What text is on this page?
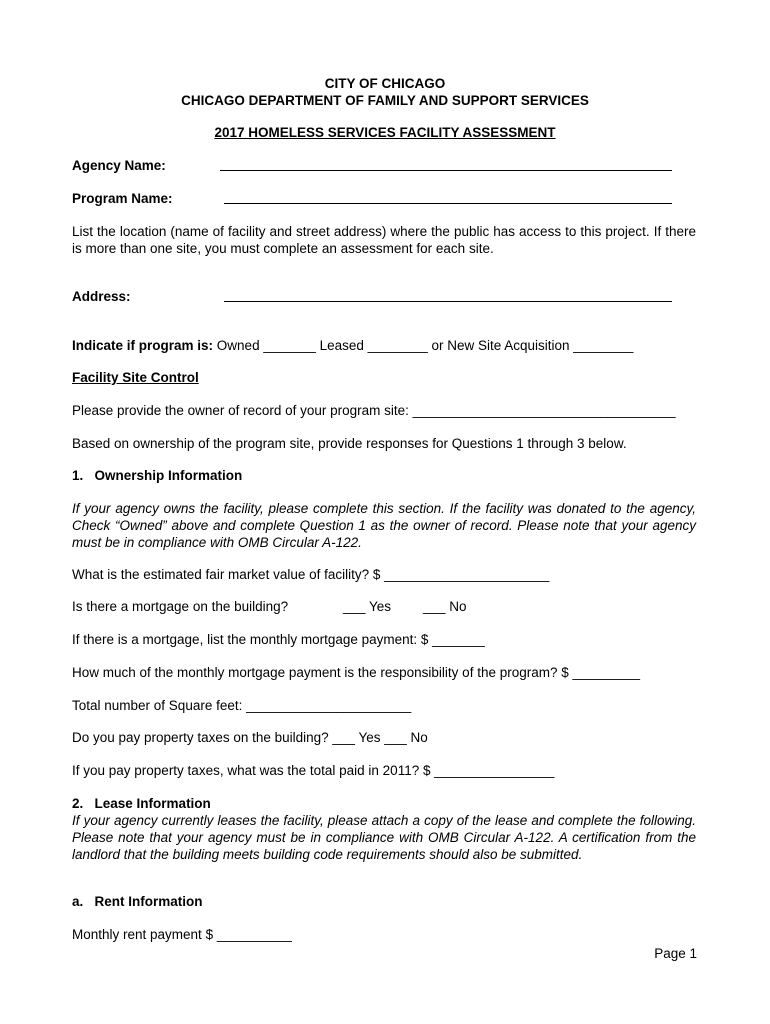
CITY OF CHICAGO
CHICAGO DEPARTMENT OF FAMILY AND SUPPORT SERVICES
2017 HOMELESS SERVICES FACILITY ASSESSMENT
Agency Name:
Program Name:
List the location (name of facility and street address) where the public has access to this project. If there is more than one site, you must complete an assessment for each site.
Address:
Indicate if program is: Owned _______ Leased ________ or New Site Acquisition ________
Facility Site Control
Please provide the owner of record of your program site: ___________________________________
Based on ownership of the program site, provide responses for Questions 1 through 3 below.
1. Ownership Information
If your agency owns the facility, please complete this section. If the facility was donated to the agency, Check “Owned” above and complete Question 1 as the owner of record. Please note that your agency must be in compliance with OMB Circular A-122.
What is the estimated fair market value of facility? $ ______________________
Is there a mortgage on the building?	___ Yes ___ No
If there is a mortgage, list the monthly mortgage payment: $ _______
How much of the monthly mortgage payment is the responsibility of the program? $ _________
Total number of Square feet: ______________________
Do you pay property taxes on the building? ___ Yes ___ No
If you pay property taxes, what was the total paid in 2011? $ ________________
2. Lease Information
If your agency currently leases the facility, please attach a copy of the lease and complete the following. Please note that your agency must be in compliance with OMB Circular A-122. A certification from the landlord that the building meets building code requirements should also be submitted.
a. Rent Information
Monthly rent payment $ __________
Page 1
